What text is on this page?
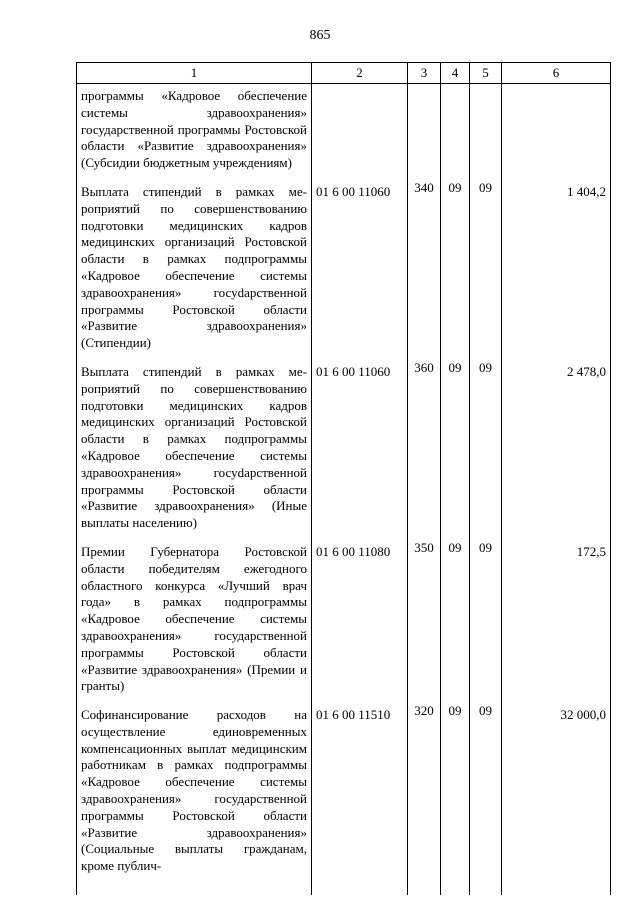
865
1	2	3	4	5	6
программы «Кадровое обеспечение системы здравоохранения» государственной программы Ростовской области «Развитие здравоохранения» (Субсидии бюджетным учреждениям)					
Выплата стипендий в рамках мероприятий по совершенствованию подготовки медицинских кадров медицинских организаций Ростовской области в рамках подпрограммы «Кадровое обеспечение системы здравоохранения» госуdарственной программы Ростовской области «Развитие здравоохранения» (Стипендии)	01 6 00 11060	340	09	09	1 404,2
Выплата стипендий в рамках мероприятий по совершенствованию подготовки медицинских кадров медицинских организаций Ростовской области в рамках подпрограммы «Кадровое обеспечение системы здравоохранения» госуdарственной программы Ростовской области «Развитие здравоохранения» (Иные выплаты населению)	01 6 00 11060	360	09	09	2 478,0
Премии Губернатора Ростовской области победителям ежегодного областного конкурса «Лучший врач года» в рамках подпрограммы «Кадровое обеспечение системы здравоохранения» государственной программы Ростовской области «Развитие здравоохранения» (Премии и гранты)	01 6 00 11080	350	09	09	172,5
Софинансирование расходов на осуществление единовременных компенсационных выплат медицинским работникам в рамках подпрограммы «Кадровое обеспечение системы здравоохранения» государственной программы Ростовской области «Развитие здравоохранения» (Социальные выплаты гражданам, кроме публич-	01 6 00 11510	320	09	09	32 000,0
